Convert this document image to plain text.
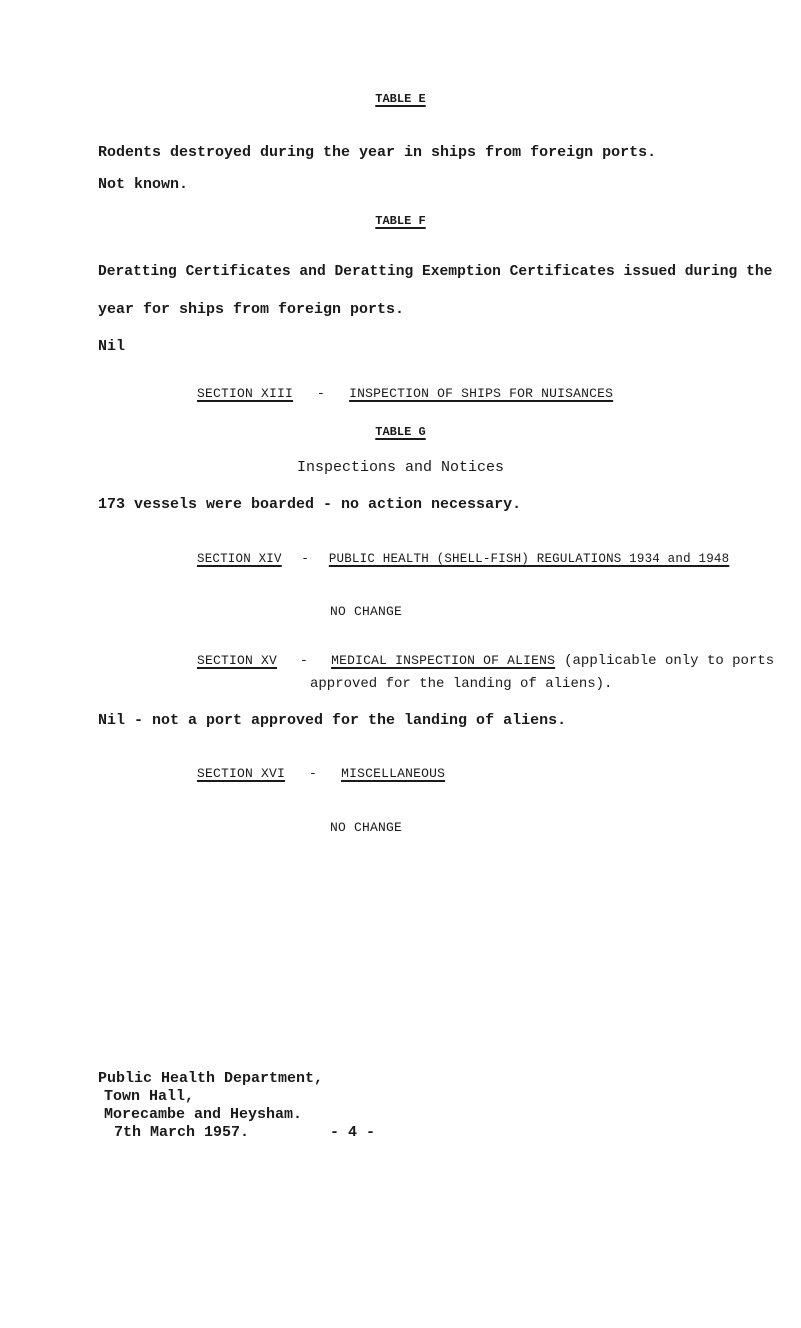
TABLE E
Rodents destroyed during the year in ships from foreign ports.
Not known.
TABLE F
Deratting Certificates and Deratting Exemption Certificates issued during the
year for ships from foreign ports.
Nil
SECTION XIII - INSPECTION OF SHIPS FOR NUISANCES
TABLE G
Inspections and Notices
173 vessels were boarded - no action necessary.
SECTION XIV - PUBLIC HEALTH (SHELL-FISH) REGULATIONS 1934 and 1948
NO CHANGE
SECTION XV - MEDICAL INSPECTION OF ALIENS (applicable only to ports
approved for the landing of aliens).
Nil - not a port approved for the landing of aliens.
SECTION XVI - MISCELLANEOUS
NO CHANGE
Public Health Department,
Town Hall,
Morecambe and Heysham.
7th March 1957.	- 4 -
